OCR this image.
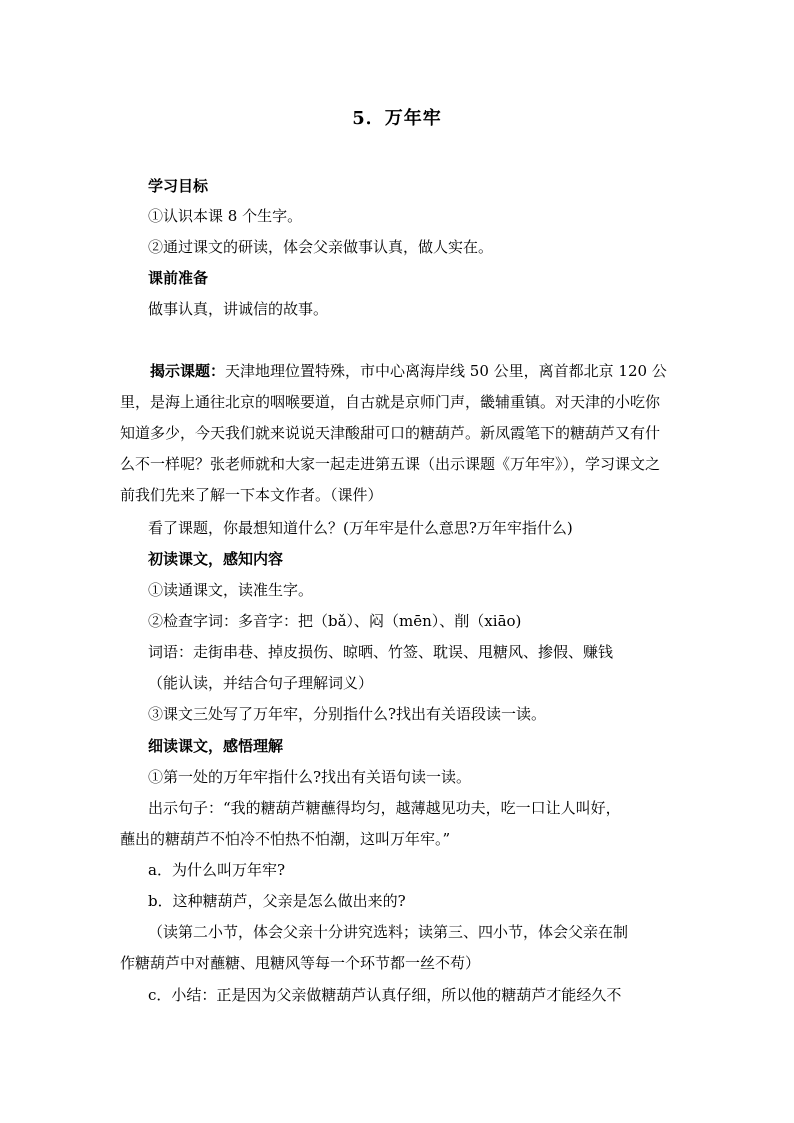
5．万年牢
学习目标
①认识本课 8 个生字。
②通过课文的研读，体会父亲做事认真，做人实在。
课前准备
做事认真，讲诚信的故事。
揭示课题：天津地理位置特殊，市中心离海岸线 50 公里，离首都北京 120 公里，是海上通往北京的咽喉要道，自古就是京师门声，畿辅重镇。对天津的小吃你知道多少，今天我们就来说说天津酸甜可口的糖葫芦。新凤霞笔下的糖葫芦又有什么不一样呢？张老师就和大家一起走进第五课（出示课题《万年牢》），学习课文之前我们先来了解一下本文作者。（课件）
看了课题，你最想知道什么？(万年牢是什么意思?万年牢指什么)
初读课文，感知内容
①读通课文，读准生字。
②检查字词：多音字：把（bǎ）、闷（mēn）、削（xiāo)
词语：走街串巷、掉皮损伤、晾晒、竹签、耽误、甩糖风、掺假、赚钱
（能认读，并结合句子理解词义）
③课文三处写了万年牢，分别指什么?找出有关语段读一读。
细读课文，感悟理解
①第一处的万年牢指什么?找出有关语句读一读。
出示句子：“我的糖葫芦糖蘸得均匀，越薄越见功夫，吃一口让人叫好，
蘸出的糖葫芦不怕冷不怕热不怕潮，这叫万年牢。”
a．为什么叫万年牢?
b．这种糖葫芦，父亲是怎么做出来的?
（读第二小节，体会父亲十分讲究选料；读第三、四小节，体会父亲在制
作糖葫芦中对蘸糖、甩糖风等每一个环节都一丝不苟）
c．小结：正是因为父亲做糖葫芦认真仔细，所以他的糖葫芦才能经久不
